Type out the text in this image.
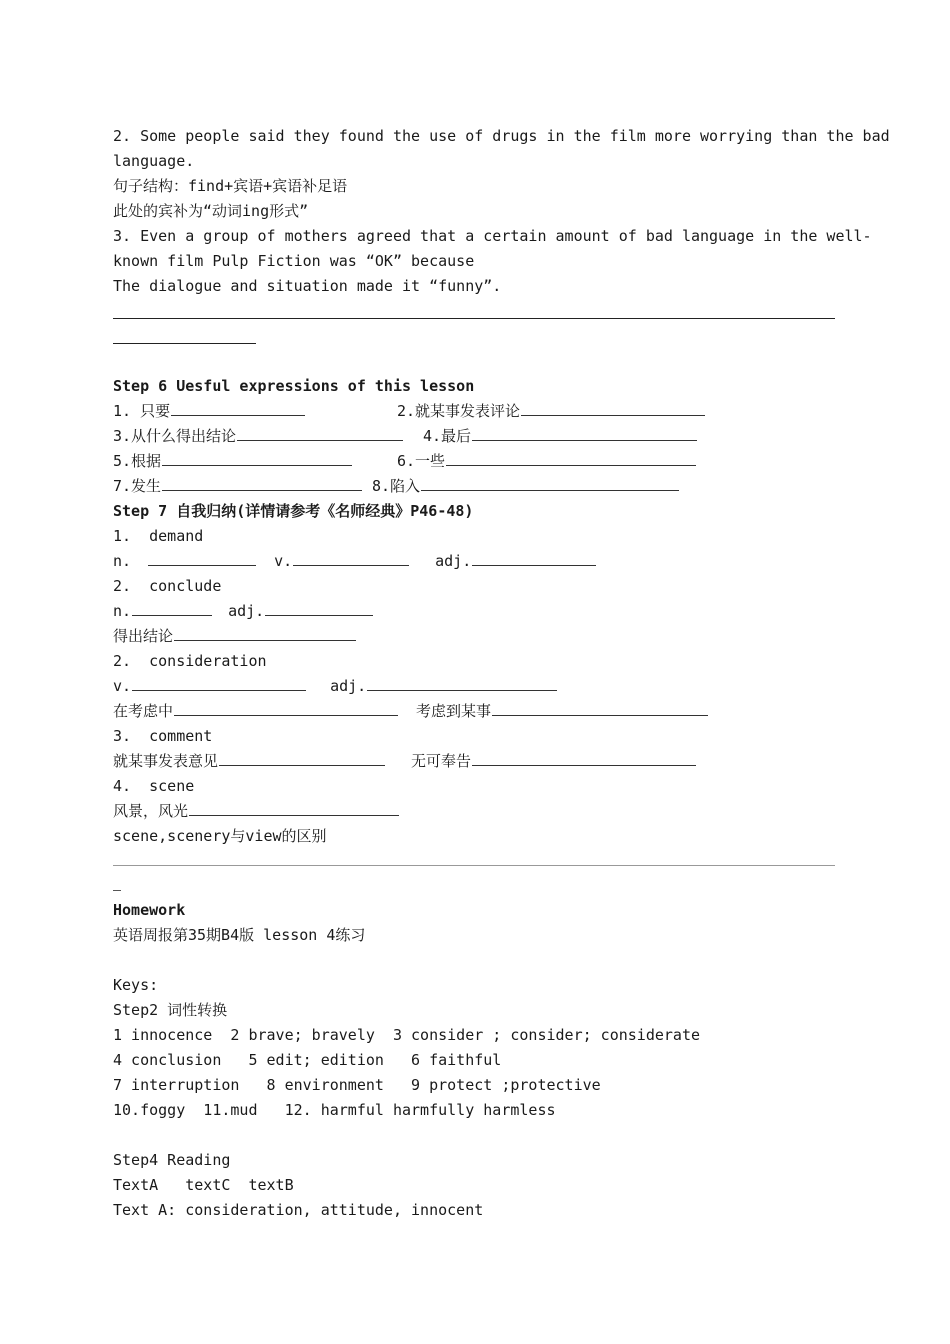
2. Some people said they found the use of drugs in the film more worrying than the bad
language.
句子结构：find+宾语+宾语补足语
此处的宾补为“动词ing形式”
3. Even a group of mothers agreed that a certain amount of bad language in the well-
known film Pulp Fiction was “OK” because
The dialogue and situation made it “funny”.
Step 6 Uesful expressions of this lesson
1. 只要	2.就某事发表评论
3.从什么得出结论	4.最后
5.根据	6.一些
7.发生	8.陷入
Step 7 自我归纳(详情请参考《名师经典》P46-48)
1.  demand
n.	v.	adj.
2.  conclude
n.	adj.
得出结论
2.  consideration
v.	adj.
在考虑中	考虑到某事
3.  comment
就某事发表意见	无可奉告
4.  scene
风景，风光
scene,scenery与view的区别
Homework
英语周报第35期B4版 lesson 4练习
Keys:
Step2 词性转换
1 innocence  2 brave; bravely  3 consider ; consider; considerate
4 conclusion   5 edit; edition   6 faithful
7 interruption   8 environment   9 protect ;protective
10.foggy  11.mud   12. harmful harmfully harmless
Step4 Reading
TextA   textC  textB
Text A: consideration, attitude, innocent
